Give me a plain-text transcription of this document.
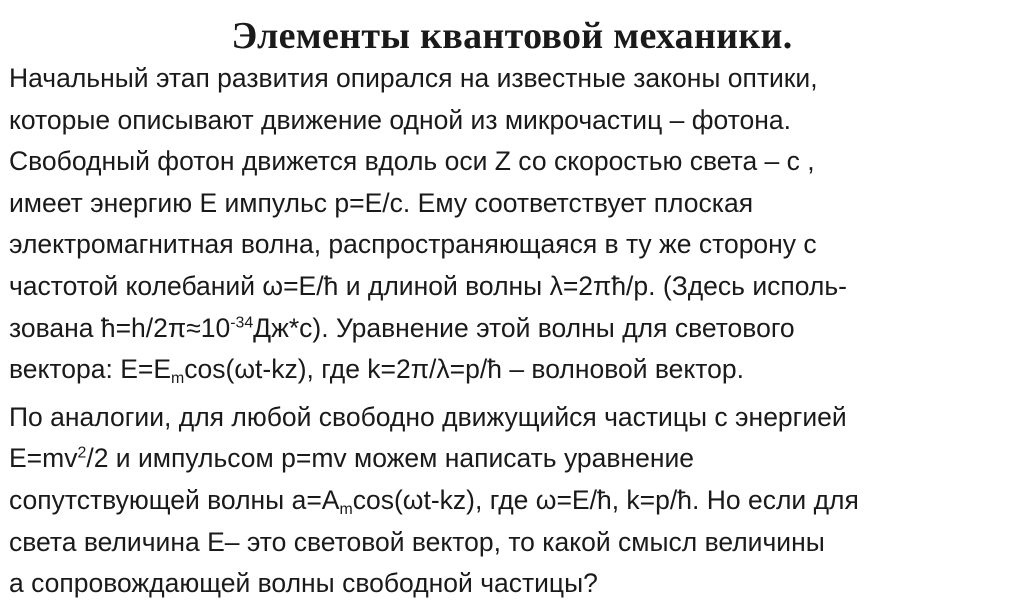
Элементы квантовой механики.
Начальный этап развития опирался на известные законы оптики,
которые описывают движение одной из микрочастиц – фотона.
Свободный фотон движется вдоль оси Z со скоростью света – c ,
имеет энергию E импульс p=E/c. Ему соответствует плоская
электромагнитная волна, распространяющаяся в ту же сторону с
частотой колебаний ω=E/ħ и длиной волны λ=2πħ/p. (Здесь исполь-
зована $ħ=h/2\pi\approx 10^{-34}Дж*с$). Уравнение этой волны для светового
вектора: $E=E_m\cos(\omega t-kz)$, где k=2π/λ=p/ħ – волновой вектор.
По аналогии, для любой свободно движущийся частицы с энергией
$E=mv^2/2$ и импульсом p=mv можем написать уравнение
сопутствующей волны $a=A_m\cos(\omega t-kz)$, где ω=E/ħ, k=p/ħ. Но если для
света величина E– это световой вектор, то какой смысл величины
a сопровождающей волны свободной частицы?
